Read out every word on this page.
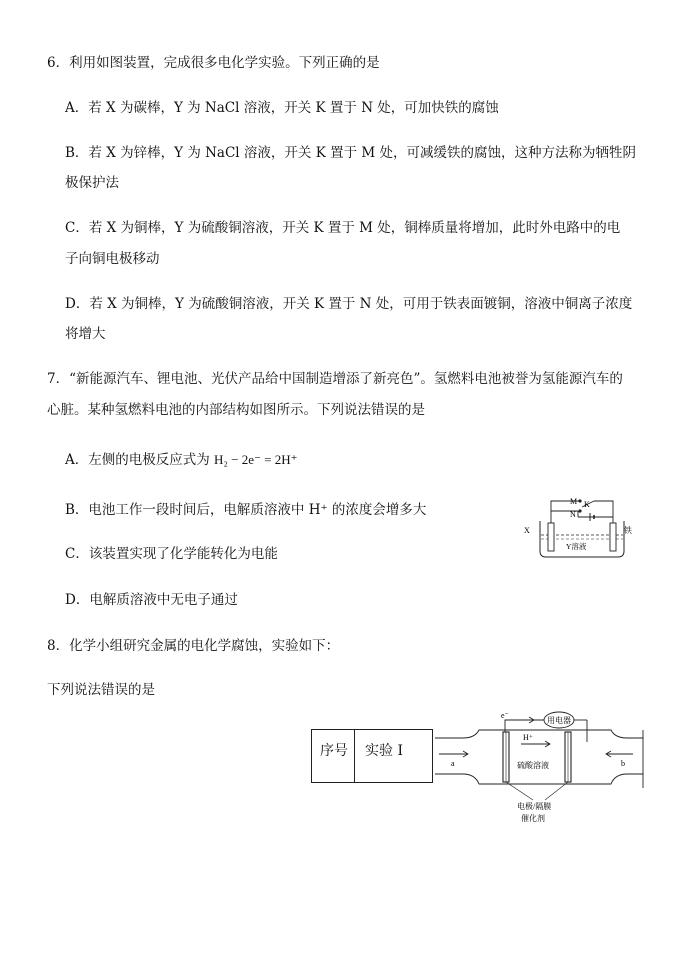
6．利用如图装置，完成很多电化学实验。下列正确的是
A．若 X 为碳棒，Y 为 NaCl 溶液，开关 K 置于 N 处，可加快铁的腐蚀
B．若 X 为锌棒，Y 为 NaCl 溶液，开关 K 置于 M 处，可减缓铁的腐蚀，这种方法称为牺牲阴
极保护法
C．若 X 为铜棒，Y 为硫酸铜溶液，开关 K 置于 M 处，铜棒质量将增加，此时外电路中的电
子向铜电极移动
D．若 X 为铜棒，Y 为硫酸铜溶液，开关 K 置于 N 处，可用于铁表面镀铜，溶液中铜离子浓度
将增大
7．“新能源汽车、锂电池、光伏产品给中国制造增添了新亮色”。氢燃料电池被誉为氢能源汽车的
心脏。某种氢燃料电池的内部结构如图所示。下列说法错误的是
A．左侧的电极反应式为 H₂ − 2e⁻ = 2H⁺
B．电池工作一段时间后，电解质溶液中 H⁺ 的浓度会增多大
C．该装置实现了化学能转化为电能
D．电解质溶液中无电子通过
M K
N
X	铁
Y溶液
8．化学小组研究金属的电化学腐蚀，实验如下：
下列说法错误的是
序号 实验 I
e⁻
用电器
H⁺
硫酸溶液
a	b
电极/隔膜
催化剂
